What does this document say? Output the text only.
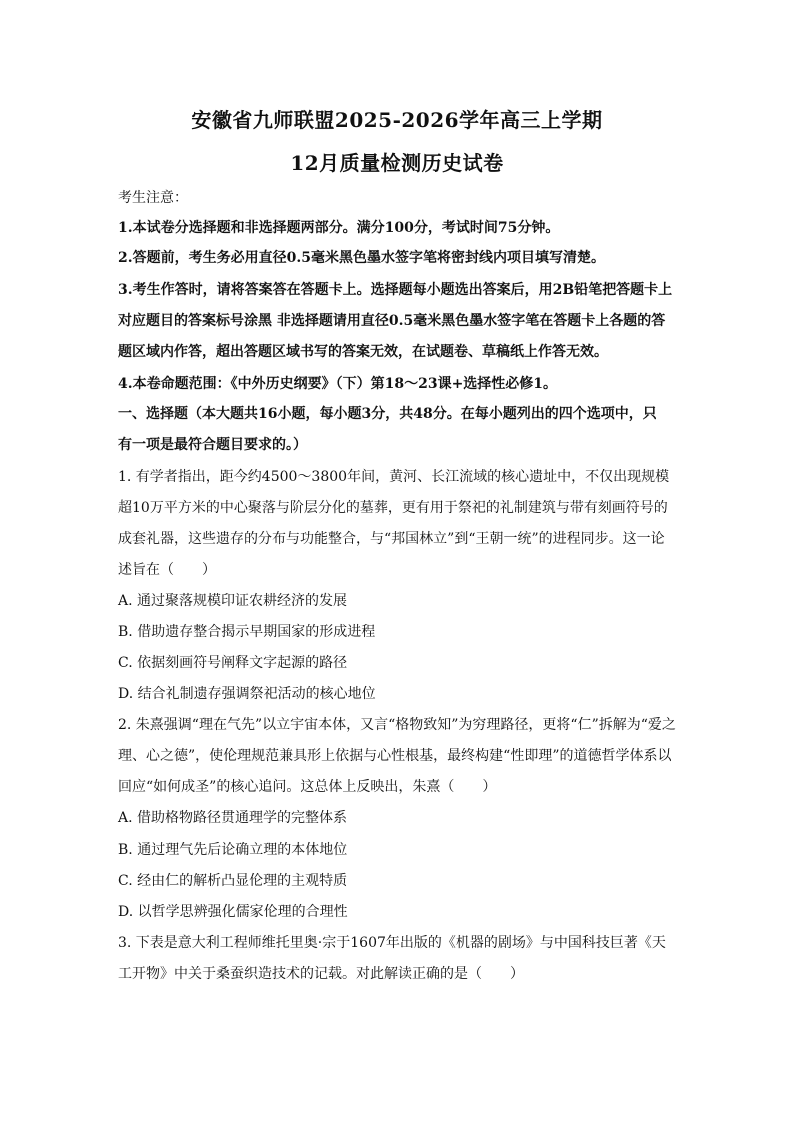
安徽省九师联盟2025-2026学年高三上学期
12月质量检测历史试卷
考生注意：
1.本试卷分选择题和非选择题两部分。满分100分，考试时间75分钟。
2.答题前，考生务必用直径0.5毫米黑色墨水签字笔将密封线内项目填写清楚。
3.考生作答时，请将答案答在答题卡上。选择题每小题选出答案后，用2B铅笔把答题卡上
对应题目的答案标号涂黑 非选择题请用直径0.5毫米黑色墨水签字笔在答题卡上各题的答
题区域内作答，超出答题区域书写的答案无效，在试题卷、草稿纸上作答无效。
4.本卷命题范围：《中外历史纲要》（下）第18～23课+选择性必修1。
一、选择题（本大题共16小题，每小题3分，共48分。在每小题列出的四个选项中，只
有一项是最符合题目要求的。）
1. 有学者指出，距今约4500～3800年间，黄河、长江流域的核心遗址中，不仅出现规模
超10万平方米的中心聚落与阶层分化的墓葬，更有用于祭祀的礼制建筑与带有刻画符号的
成套礼器，这些遗存的分布与功能整合，与“邦国林立”到“王朝一统”的进程同步。这一论
述旨在（　　）
A. 通过聚落规模印证农耕经济的发展
B. 借助遗存整合揭示早期国家的形成进程
C. 依据刻画符号阐释文字起源的路径
D. 结合礼制遗存强调祭祀活动的核心地位
2. 朱熹强调“理在气先”以立宇宙本体，又言“格物致知”为穷理路径，更将“仁”拆解为“爱之
理、心之德”，使伦理规范兼具形上依据与心性根基，最终构建“性即理”的道德哲学体系以
回应“如何成圣”的核心追问。这总体上反映出，朱熹（　　）
A. 借助格物路径贯通理学的完整体系
B. 通过理气先后论确立理的本体地位
C. 经由仁的解析凸显伦理的主观特质
D. 以哲学思辨强化儒家伦理的合理性
3. 下表是意大利工程师维托里奥·宗于1607年出版的《机器的剧场》与中国科技巨著《天
工开物》中关于桑蚕织造技术的记载。对此解读正确的是（　　）
